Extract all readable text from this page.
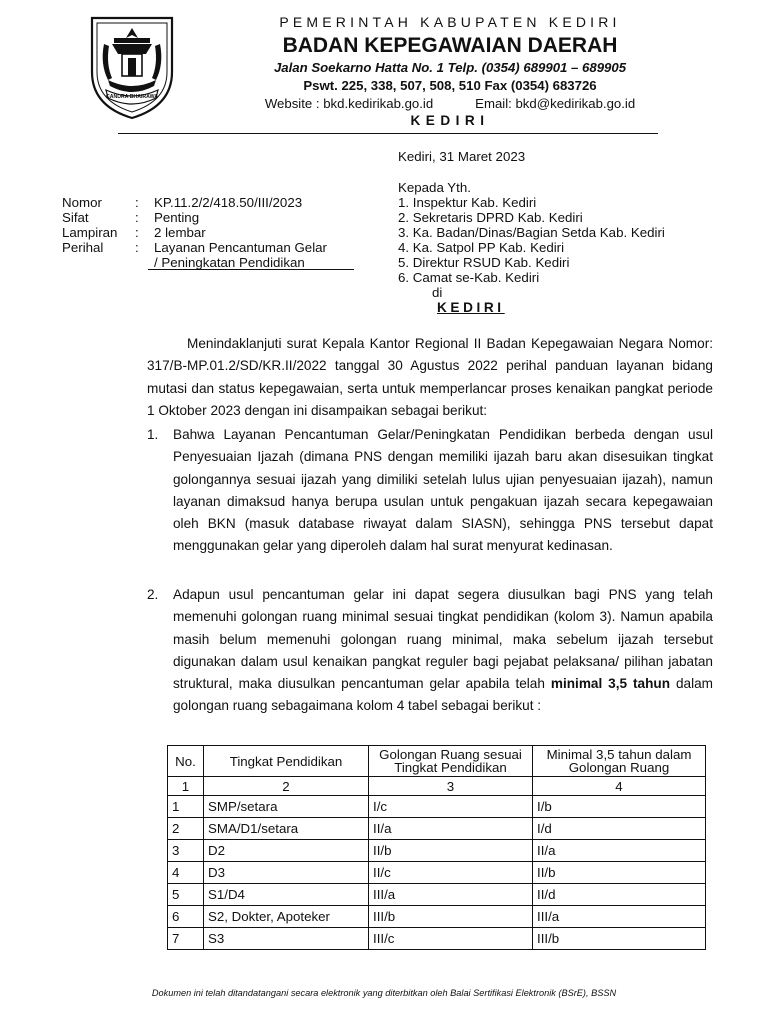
CANDRA BHAIRAWA
PEMERINTAH KABUPATEN KEDIRI
BADAN KEPEGAWAIAN DAERAH
Jalan Soekarno Hatta No. 1 Telp. (0354) 689901 – 689905
Pswt. 225, 338, 507, 508, 510 Fax (0354) 683726
Website : bkd.kedirikab.go.id	Email: bkd@kedirikab.go.id
KEDIRI
Kediri, 31 Maret 2023
Kepada Yth.
1. Inspektur Kab. Kediri
2. Sekretaris DPRD Kab. Kediri
3. Ka. Badan/Dinas/Bagian Setda Kab. Kediri
4. Ka. Satpol PP Kab. Kediri
5. Direktur RSUD Kab. Kediri
6. Camat se-Kab. Kediri
di
KEDIRI
Nomor : KP.11.2/2/418.50/III/2023
Sifat	: Penting
Lampiran : 2 lembar
Perihal : Layanan Pencantuman Gelar
/ Peningkatan Pendidikan
Menindaklanjuti surat Kepala Kantor Regional II Badan Kepegawaian Negara Nomor: 317/B-MP.01.2/SD/KR.II/2022 tanggal 30 Agustus 2022 perihal panduan layanan bidang mutasi dan status kepegawaian, serta untuk memperlancar proses kenaikan pangkat periode 1 Oktober 2023 dengan ini disampaikan sebagai berikut:
1. Bahwa Layanan Pencantuman Gelar/Peningkatan Pendidikan berbeda dengan usul Penyesuaian Ijazah (dimana PNS dengan memiliki ijazah baru akan disesuikan tingkat golongannya sesuai ijazah yang dimiliki setelah lulus ujian penyesuaian ijazah), namun layanan dimaksud hanya berupa usulan untuk pengakuan ijazah secara kepegawaian oleh BKN (masuk database riwayat dalam SIASN), sehingga PNS tersebut dapat menggunakan gelar yang diperoleh dalam hal surat menyurat kedinasan.
2. Adapun usul pencantuman gelar ini dapat segera diusulkan bagi PNS yang telah memenuhi golongan ruang minimal sesuai tingkat pendidikan (kolom 3). Namun apabila masih belum memenuhi golongan ruang minimal, maka sebelum ijazah tersebut digunakan dalam usul kenaikan pangkat reguler bagi pejabat pelaksana/ pilihan jabatan struktural, maka diusulkan pencantuman gelar apabila telah minimal 3,5 tahun dalam golongan ruang sebagaimana kolom 4 tabel sebagai berikut :
No.	Tingkat Pendidikan	Golongan Ruang sesuai Tingkat Pendidikan	Minimal 3,5 tahun dalam Golongan Ruang
1	2	3	4
1	SMP/setara	I/c	I/b
2	SMA/D1/setara	II/a	I/d
3	D2	II/b	II/a
4	D3	II/c	II/b
5	S1/D4	III/a	II/d
6	S2, Dokter, Apoteker	III/b	III/a
7	S3	III/c	III/b
Dokumen ini telah ditandatangani secara elektronik yang diterbitkan oleh Balai Sertifikasi Elektronik (BSrE), BSSN
